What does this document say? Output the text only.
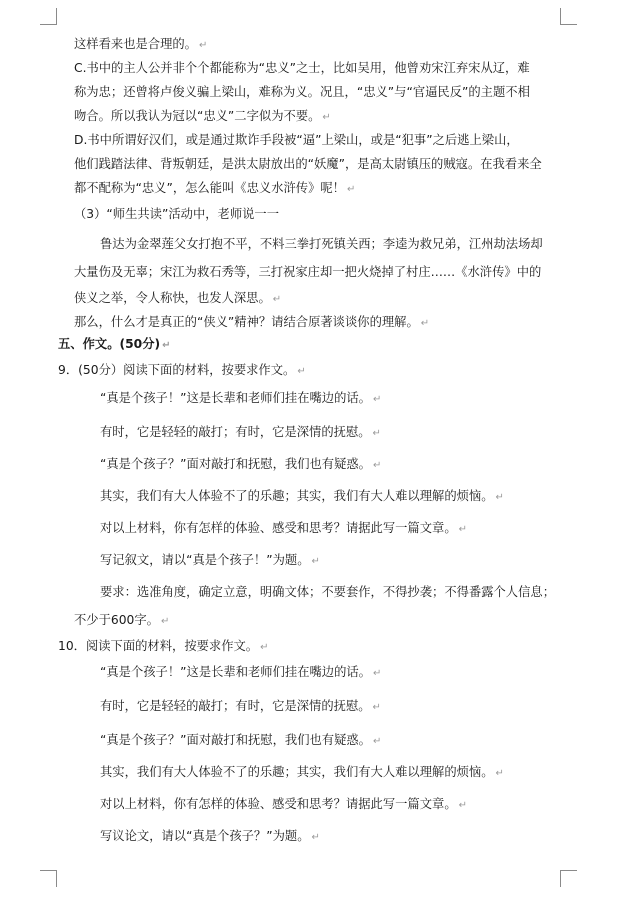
这样看来也是合理的。 ↵
C.书中的主人公并非个个都能称为“忠义”之士，比如吴用，他曾劝宋江弃宋从辽，难
称为忠；还曾将卢俊义骗上梁山，难称为义。况且，“忠义”与“官逼民反”的主题不相
吻合。所以我认为冠以“忠义”二字似为不要。 ↵
D.书中所谓好汉们，或是通过欺诈手段被“逼”上梁山，或是“犯事”之后逃上梁山，
他们践踏法律、背叛朝廷，是洪太尉放出的“妖魔”，是高太尉镇压的贼寇。在我看来全
都不配称为“忠义”，怎么能叫《忠义水浒传》呢！ ↵
（3）“师生共读”活动中，老师说一一
鲁达为金翠莲父女打抱不平，不料三拳打死镇关西；李逵为救兄弟，江州劫法场却
大量伤及无辜；宋江为救石秀等，三打祝家庄却一把火烧掉了村庄……《水浒传》中的
侠义之举，令人称快，也发人深思。 ↵
那么，什么才是真正的“侠义”精神？请结合原著谈谈你的理解。 ↵
五、作文。(50分) ↵
9．(50分）阅读下面的材料，按要求作文。 ↵
“真是个孩子！”这是长辈和老师们挂在嘴边的话。 ↵
有时，它是轻轻的敲打；有时，它是深情的抚慰。 ↵
“真是个孩子？”面对敲打和抚慰，我们也有疑惑。 ↵
其实，我们有大人体验不了的乐趣；其实，我们有大人难以理解的烦恼。 ↵
对以上材料，你有怎样的体验、感受和思考？请据此写一篇文章。 ↵
写记叙文，请以“真是个孩子！”为题。 ↵
要求：选准角度，确定立意，明确文体；不要套作，不得抄袭；不得番露个人信息；
不少于600字。 ↵
10．阅读下面的材料，按要求作文。 ↵
“真是个孩子！”这是长辈和老师们挂在嘴边的话。 ↵
有时，它是轻轻的敲打；有时，它是深情的抚慰。 ↵
“真是个孩子？”面对敲打和抚慰，我们也有疑惑。 ↵
其实，我们有大人体验不了的乐趣；其实，我们有大人难以理解的烦恼。 ↵
对以上材料，你有怎样的体验、感受和思考？请据此写一篇文章。 ↵
写议论文，请以“真是个孩子？”为题。 ↵
